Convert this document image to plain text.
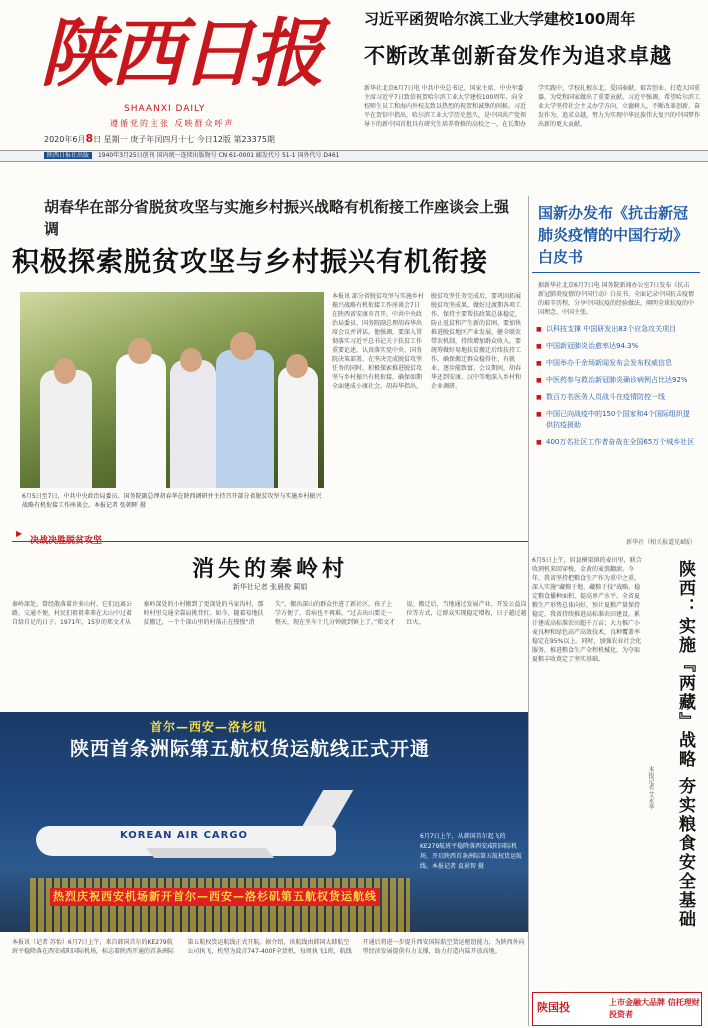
陕西日报
SHAANXI DAILY
遵循党的主张 反映群众呼声
2020年6月8日 星期一 庚子年闰四月十七 今日12版 第23375期
习近平函贺哈尔滨工业大学建校100周年
不断改革创新奋发作为追求卓越
新华社北京6月7日电 中共中央总书记、国家主席、中央军委主席习近平7日致信祝贺哈尔滨工业大学建校100周年，向全校师生员工和海内外校友致以热烈的祝贺和诚挚的问候。习近平在贺信中指出，哈尔滨工业大学历史悠久，是中国共产党领导下的新中国首批具有研究生培养资格的高校之一，在长期办学实践中，学校扎根东北、爱国奉献，艰苦创业、打造大国重器，为党和国家做出了重要贡献。习近平强调，希望哈尔滨工业大学坚持社会主义办学方向，立德树人，不断改革创新、奋发作为、追求卓越，努力为实现中华民族伟大复兴的中国梦作出新的更大贡献。
陕西日报社出版 1940年3月25日创刊 国内统一连续出版物号 CN 61-0001 邮发代号 51-1 国外代号 D461
胡春华在部分省脱贫攻坚与实施乡村振兴战略有机衔接工作座谈会上强调
积极探索脱贫攻坚与乡村振兴有机衔接
6月5日至7日，中共中央政治局委员、国务院副总理胡春华在陕西调研并主持召开部分省脱贫攻坚与实施乡村振兴战略有机衔接工作座谈会。本报记者 张朝晖 摄
本报讯 部分省脱贫攻坚与实施乡村振兴战略有机衔接工作座谈会7日在陕西省安康市召开。中共中央政治局委员、国务院副总理胡春华出席会议并讲话。他强调，要深入贯彻落实习近平总书记关于扶贫工作重要论述，认真落实党中央、国务院决策部署，在坚决完成脱贫攻坚任务的同时，积极探索推进脱贫攻坚与乡村振兴有机衔接，确保如期全面建成小康社会。胡春华指出，脱贫攻坚任务完成后，要巩固拓展脱贫攻坚成果，做好过渡期各项工作，保持主要帮扶政策总体稳定，防止返贫和产生新的贫困。要加快推进脱贫地区产业发展，健全联农带农机制，持续增加群众收入。要统筹做好易地扶贫搬迁后续扶持工作，确保搬迁群众稳得住、有就业、逐步能致富。会议期间，胡春华还到安康、汉中等地深入乡村和企业调研。
国新办发布《抗击新冠肺炎疫情的中国行动》白皮书
据新华社北京6月7日电 国务院新闻办公室7日发布《抗击新冠肺炎疫情的中国行动》白皮书，全面记录中国抗击疫情的艰辛历程，分享中国抗疫的经验做法，阐明全球抗疫的中国理念、中国主张。
■ 以科技支撑 中国研发出83个应急攻关项目
■ 中国新冠肺炎治愈率达94.3%
■ 中国举办千余场新闻发布会发布权威信息
■ 中医药参与救治新冠肺炎确诊病例占比达92%
■ 数百万名医务人员战斗在疫情防控一线
■ 中国已向战疫中的150个国家和4个国际组织提供抗疫援助
■ 400万名社区工作者奋战在全国65万个城乡社区
新华社（相关报道见8版）
▶ 决战决胜脱贫攻坚
消失的秦岭村
新华社记者 张晨俊 蔺娟
秦岭深处，曾经散落着许多山村。它们远离公路，交通不便，村民们祖祖辈辈在大山中过着自给自足的日子。1971年，15岁的郑文才从秦岭深处的小村搬到了更深处的马家沟村，那时村里交通全靠肩挑背扛。如今，随着易地扶贫搬迁，一个个深山里的村落正在慢慢“消失”。搬出深山的群众住进了新社区，孩子上学方便了，看病也不再难。“过去出山要走一整天，现在坐车十几分钟就到镇上了。”郑文才说。搬迁后，当地通过发展产业、开发公益岗位等方式，让群众实现稳定增收，日子越过越红火。
首尔—西安—洛杉矶
陕西首条洲际第五航权货运航线正式开通
KOREAN AIR CARGO
热烈庆祝西安机场新开首尔—西安—洛杉矶第五航权货运航线
6月7日上午，从韩国首尔起飞的KE279航班平稳降落西安咸阳国际机场，开启陕西首条洲际第五航权货运航线。本报记者 袁景智 摄
本报讯（记者 苏怡）6月7日上午，来自韩国首尔的KE279航班平稳降落在西安咸阳国际机场，标志着陕西开通的首条洲际第五航权货运航线正式开航。据介绍，该航线由韩国大韩航空公司执飞，机型为波音747-400F全货机，每周执飞1班，航线开通后将进一步提升西安国际航空货运枢纽能力，为陕西外向型经济发展提供有力支撑，助力打造内陆开放高地。
6月5日上午，眉县横渠镇的麦田里，联合收割机来回穿梭，金黄的麦浪翻滚。今年，我省坚持把粮食生产作为重中之重，深入实施“藏粮于地、藏粮于技”战略，稳定粮食播种面积，提高单产水平。全省夏粮生产形势总体向好，预计夏粮产量保持稳定。我省持续推进高标准农田建设，累计建成高标准农田超千万亩；大力推广小麦良种和绿色高产高效技术，良种覆盖率稳定在95%以上。同时，加强农业社会化服务，推进粮食生产全程机械化，为夺取夏粮丰收奠定了坚实基础。
本报记者 艾永华	陕西：实施『两藏』战略 夯实粮食安全基础
陕国投	上市金融大品牌 信托理财投资者
